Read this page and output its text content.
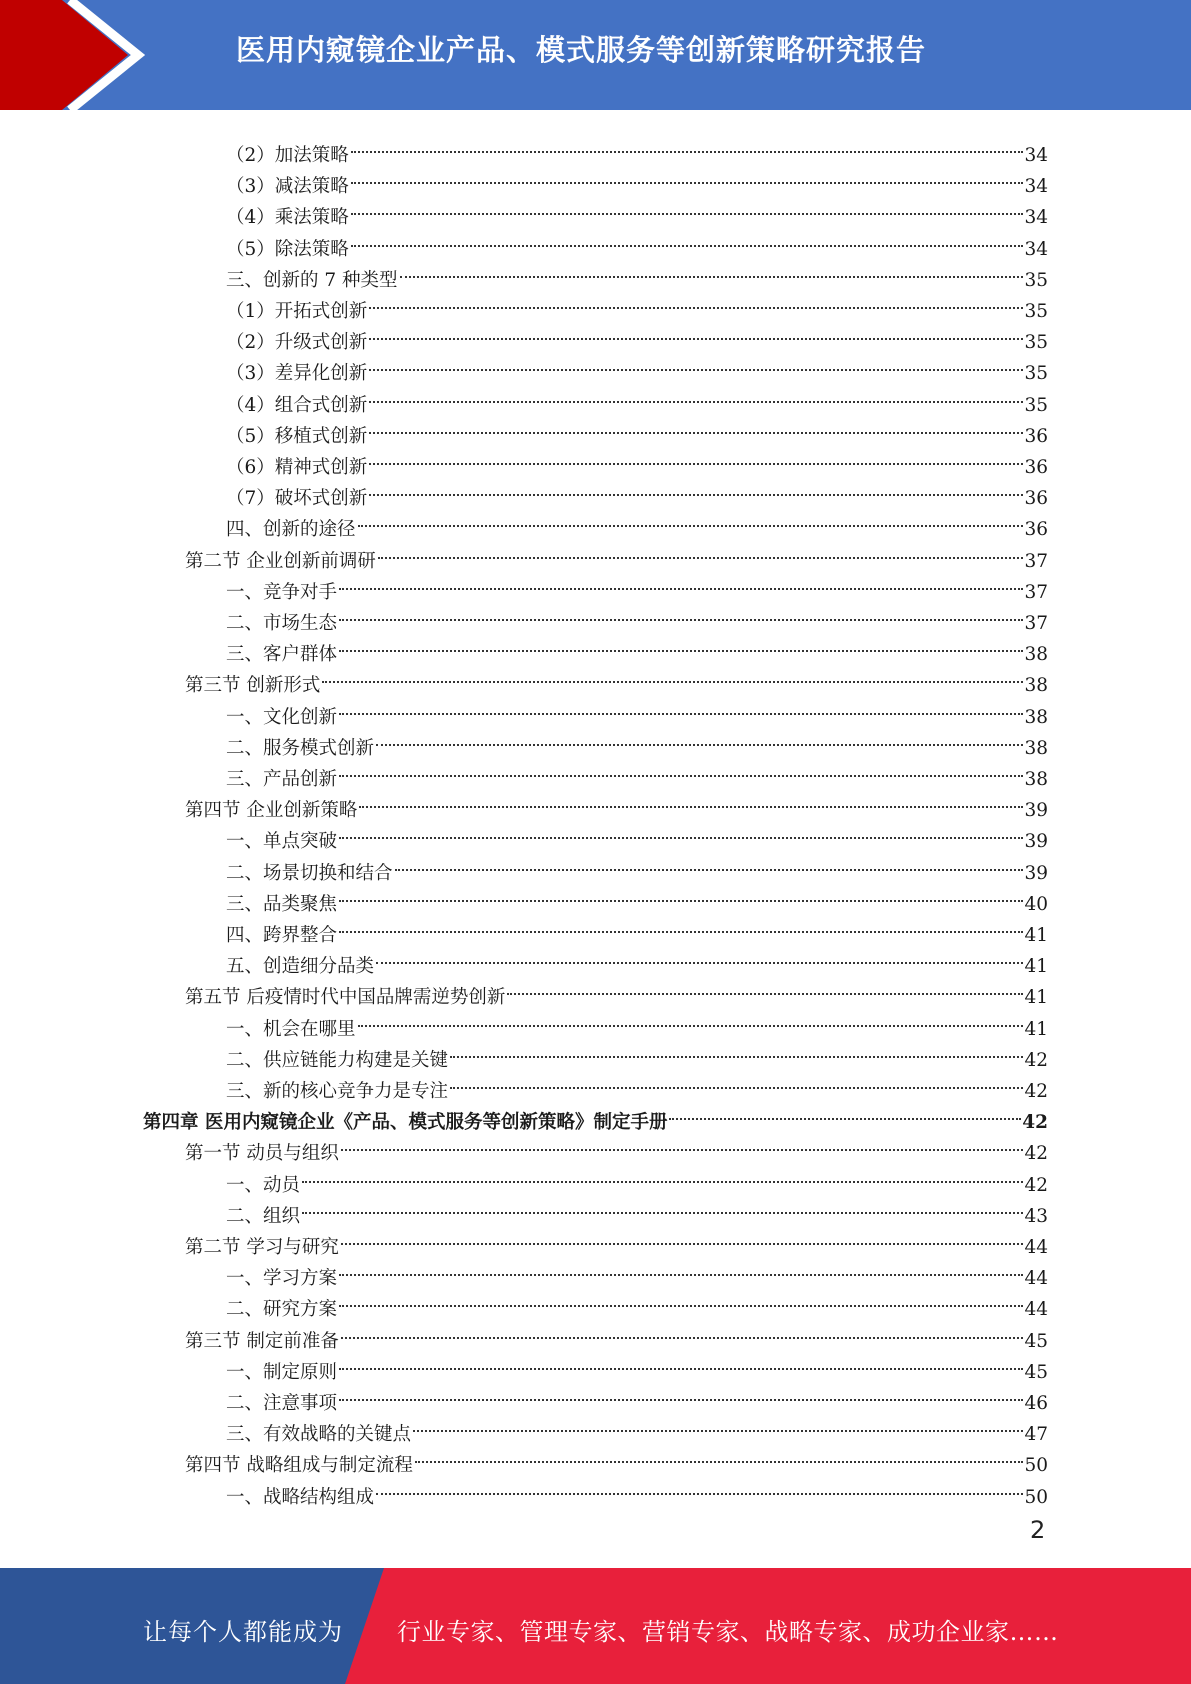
医用内窥镜企业产品、模式服务等创新策略研究报告
（2）加法策略	34
（3）减法策略	34
（4）乘法策略	34
（5）除法策略	34
三、创新的 7 种类型	35
（1）开拓式创新	35
（2）升级式创新	35
（3）差异化创新	35
（4）组合式创新	35
（5）移植式创新	36
（6）精神式创新	36
（7）破坏式创新	36
四、创新的途径	36
第二节 企业创新前调研	37
一、竞争对手	37
二、市场生态	37
三、客户群体	38
第三节 创新形式	38
一、文化创新	38
二、服务模式创新	38
三、产品创新	38
第四节 企业创新策略	39
一、单点突破	39
二、场景切换和结合	39
三、品类聚焦	40
四、跨界整合	41
五、创造细分品类	41
第五节 后疫情时代中国品牌需逆势创新	41
一、机会在哪里	41
二、供应链能力构建是关键	42
三、新的核心竞争力是专注	42
第四章 医用内窥镜企业《产品、模式服务等创新策略》制定手册	42
第一节 动员与组织	42
一、动员	42
二、组织	43
第二节 学习与研究	44
一、学习方案	44
二、研究方案	44
第三节 制定前准备	45
一、制定原则	45
二、注意事项	46
三、有效战略的关键点	47
第四节 战略组成与制定流程	50
一、战略结构组成	50
2
让每个人都能成为 行业专家、管理专家、营销专家、战略专家、成功企业家……
